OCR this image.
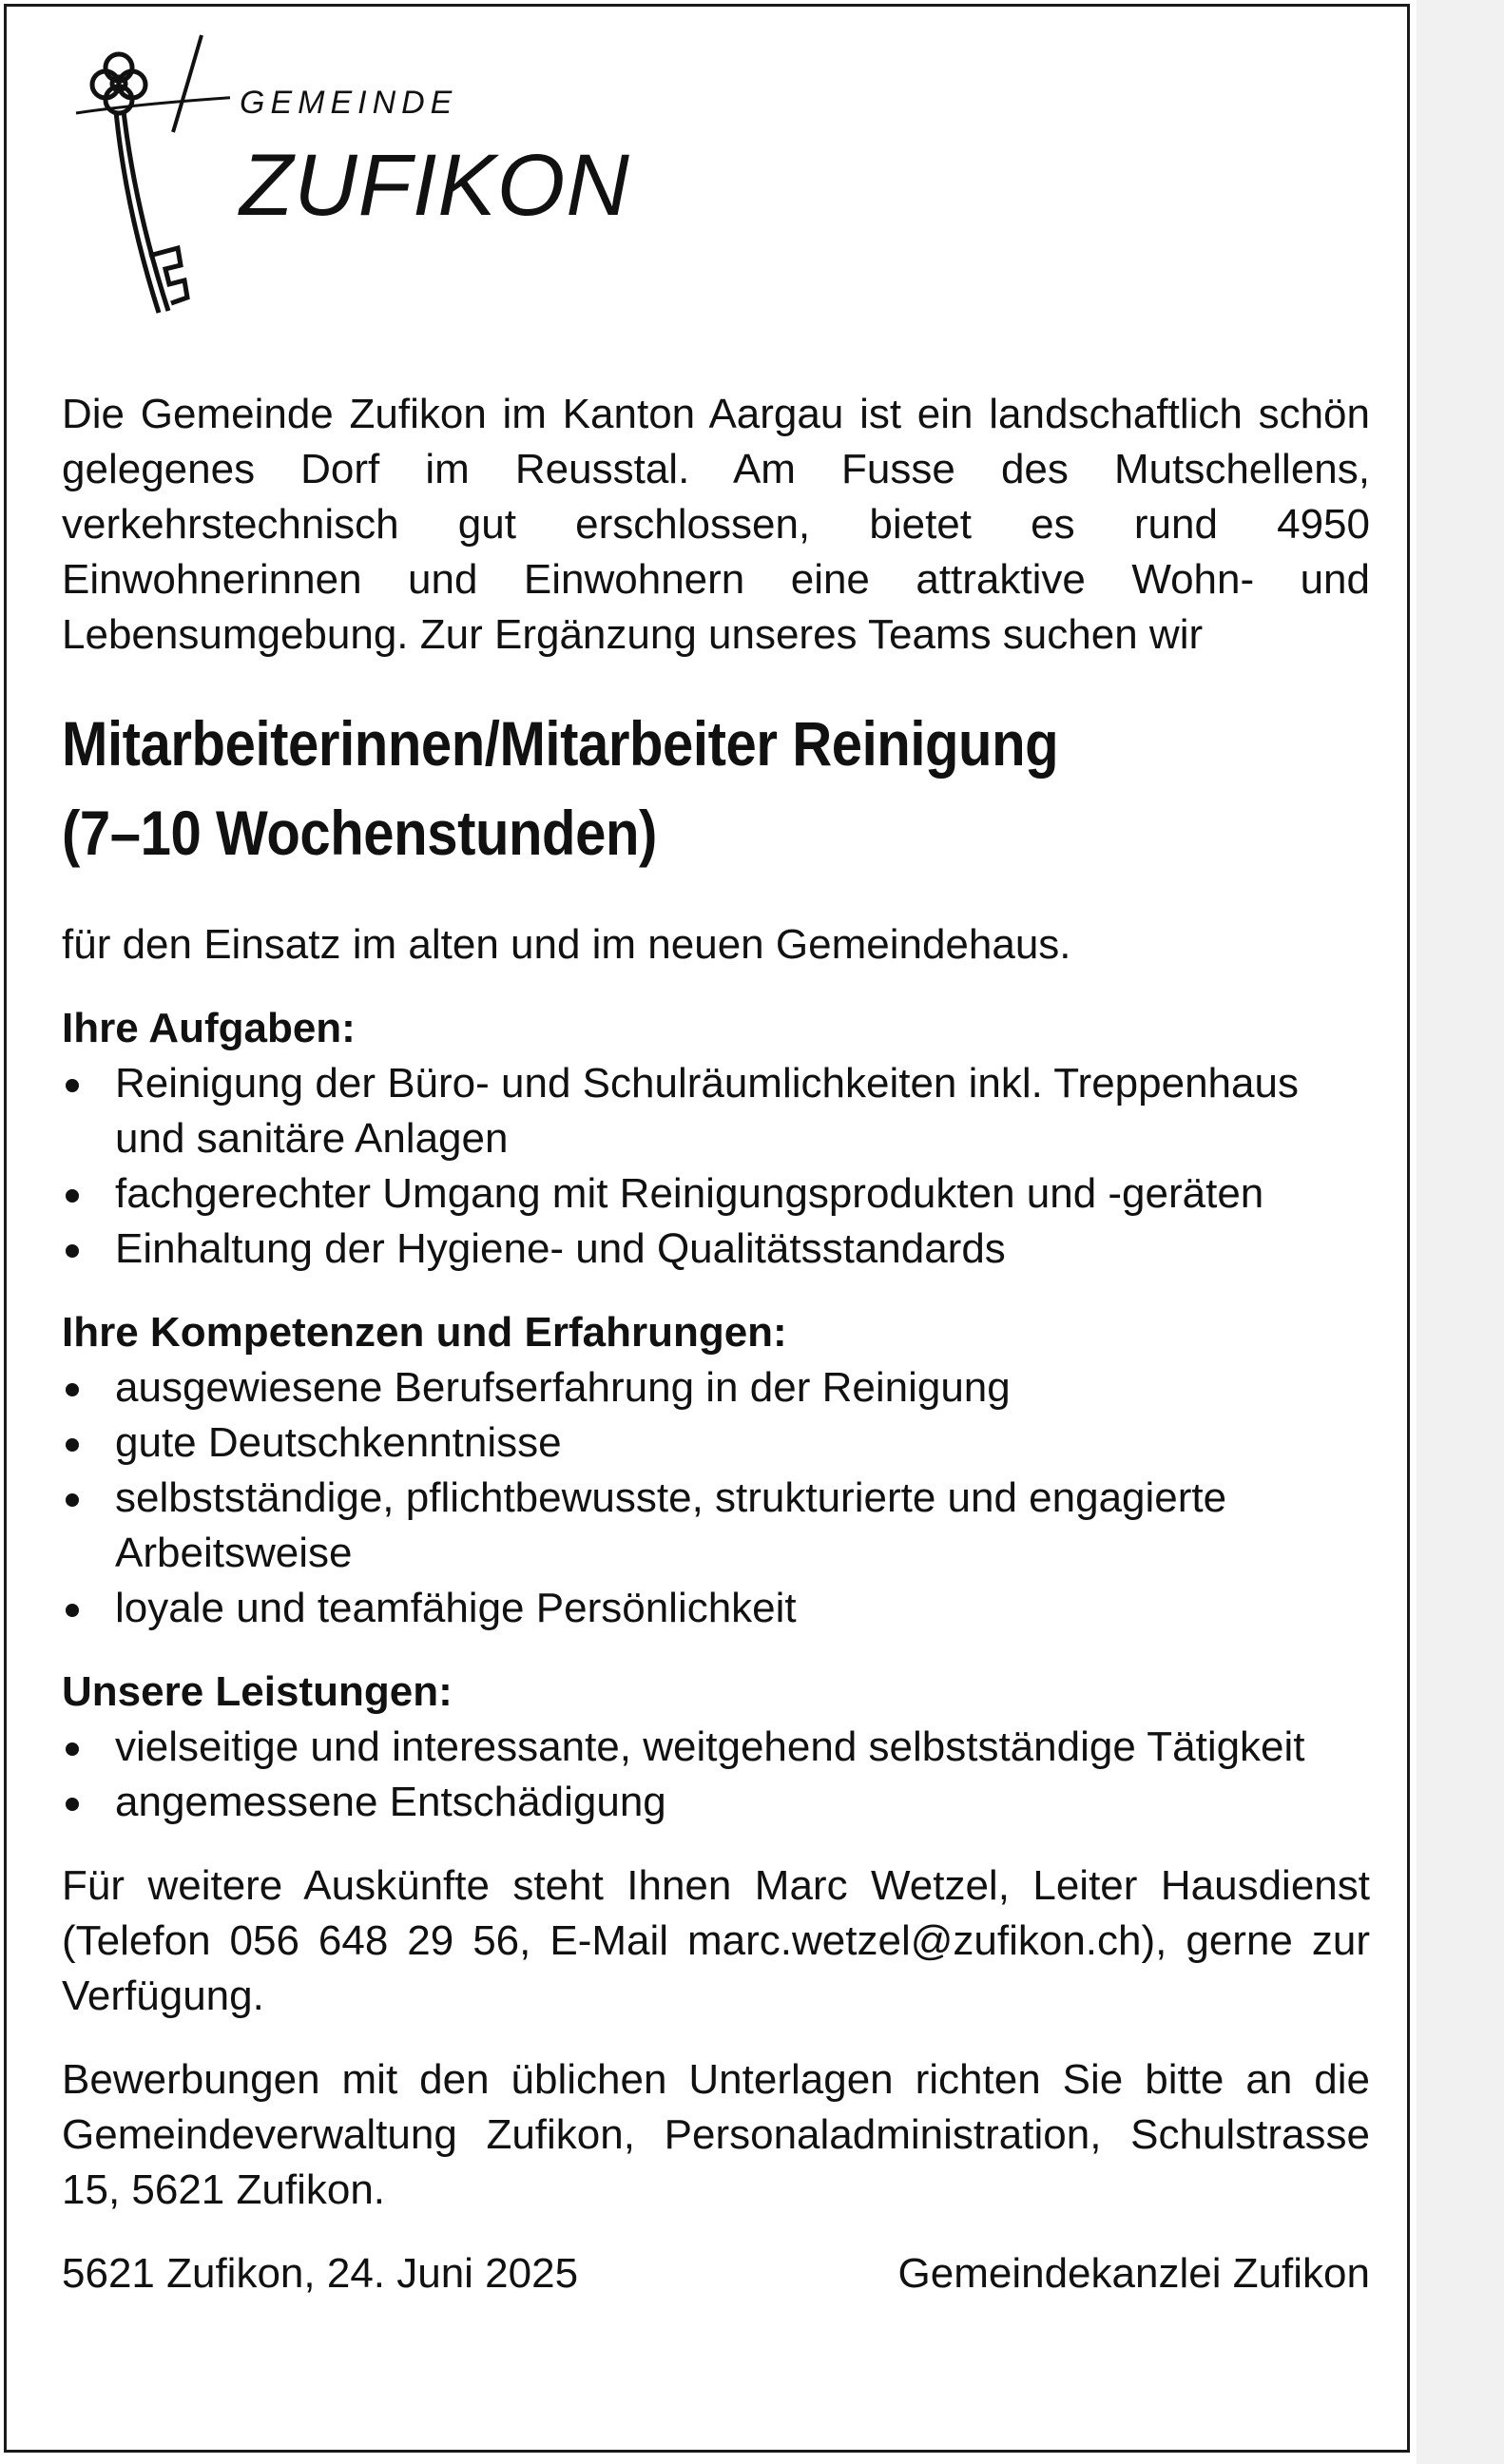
GEMEINDE
ZUFIKON

Die Gemeinde Zufikon im Kanton Aargau ist ein landschaftlich schön gelegenes Dorf im Reusstal. Am Fusse des Mutschellens, verkehrstechnisch gut erschlossen, bietet es rund 4950 Einwohnerinnen und Einwohnern eine attraktive Wohn- und Lebensumgebung. Zur Ergänzung unseres Teams suchen wir

Mitarbeiterinnen/Mitarbeiter Reinigung
(7–10 Wochenstunden)

für den Einsatz im alten und im neuen Gemeindehaus.

Ihre Aufgaben:

Reinigung der Büro- und Schulräumlichkeiten inkl. Treppenhaus und sanitäre Anlagen
fachgerechter Umgang mit Reinigungsprodukten und -geräten
Einhaltung der Hygiene- und Qualitätsstandards

Ihre Kompetenzen und Erfahrungen:

ausgewiesene Berufserfahrung in der Reinigung
gute Deutschkenntnisse
selbstständige, pflichtbewusste, strukturierte und engagierte Arbeitsweise
loyale und teamfähige Persönlichkeit

Unsere Leistungen:

vielseitige und interessante, weitgehend selbstständige Tätigkeit
angemessene Entschädigung

Für weitere Auskünfte steht Ihnen Marc Wetzel, Leiter Hausdienst (Telefon 056 648 29 56, E-Mail marc.wetzel@zufikon.ch), gerne zur Verfügung.

Bewerbungen mit den üblichen Unterlagen richten Sie bitte an die Gemeindeverwaltung Zufikon, Personaladministration, Schulstrasse 15, 5621 Zufikon.

5621 Zufikon, 24. Juni 2025	Gemeindekanzlei Zufikon
